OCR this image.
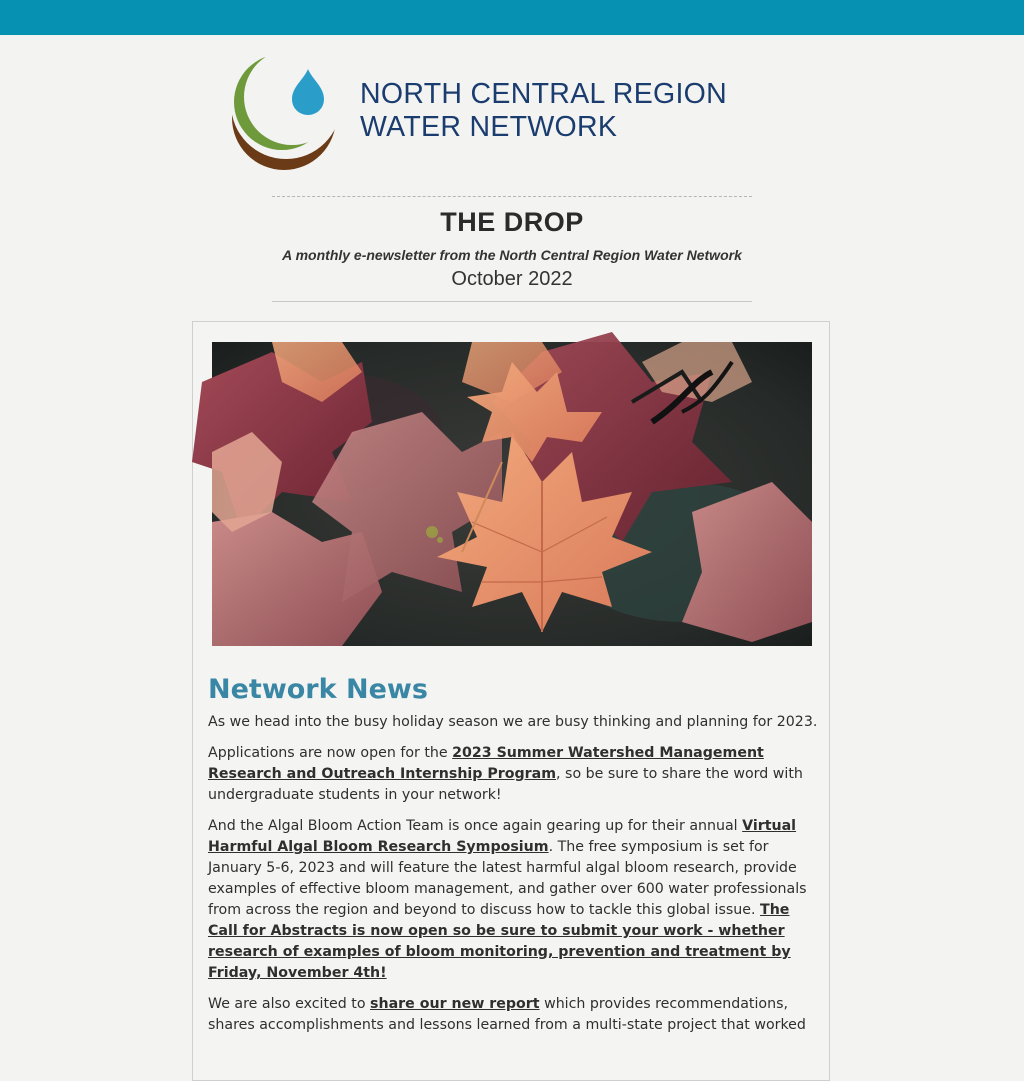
NORTH CENTRAL REGION
WATER NETWORK
THE DROP
A monthly e-newsletter from the North Central Region Water Network
October 2022
Network News

As we head into the busy holiday season we are busy thinking and planning for 2023.

Applications are now open for the 2023 Summer Watershed Management Research and Outreach Internship Program, so be sure to share the word with undergraduate students in your network!

And the Algal Bloom Action Team is once again gearing up for their annual Virtual Harmful Algal Bloom Research Symposium. The free symposium is set for January 5-6, 2023 and will feature the latest harmful algal bloom research, provide examples of effective bloom management, and gather over 600 water professionals from across the region and beyond to discuss how to tackle this global issue. The Call for Abstracts is now open so be sure to submit your work - whether research of examples of bloom monitoring, prevention and treatment by Friday, November 4th!

We are also excited to share our new report which provides recommendations, shares accomplishments and lessons learned from a multi-state project that worked
